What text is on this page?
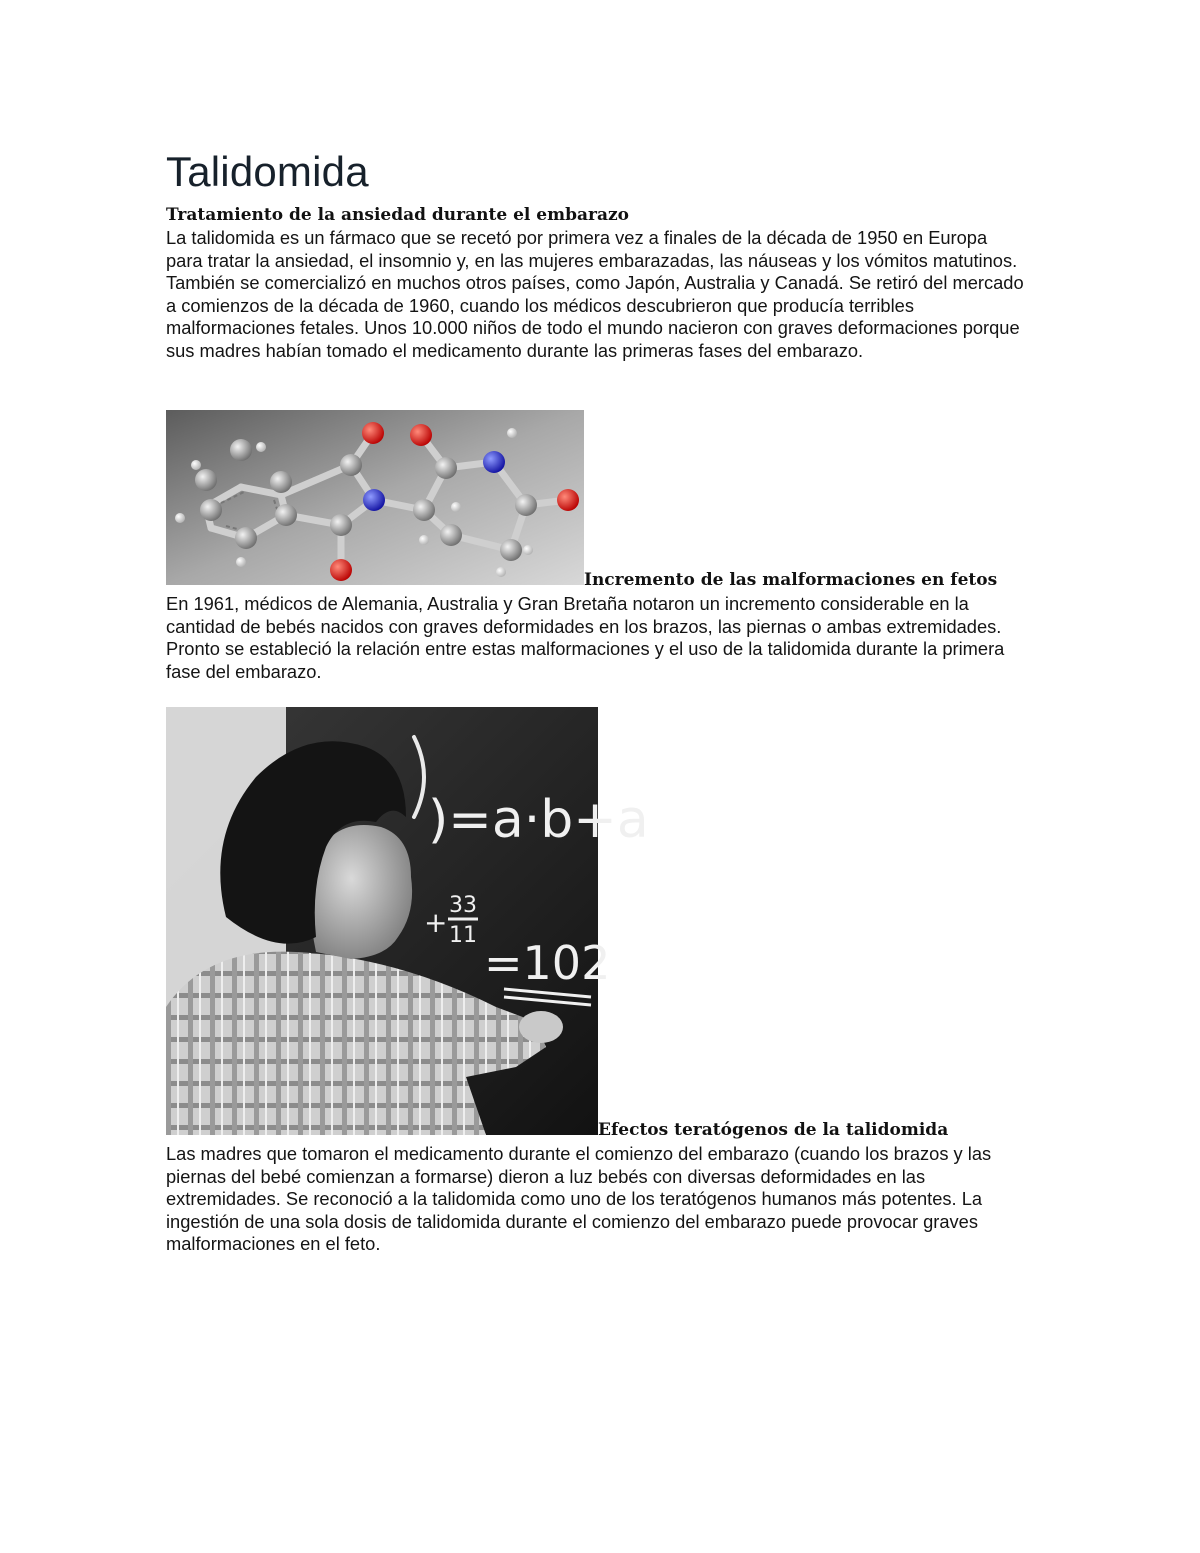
Talidomida
Tratamiento de la ansiedad durante el embarazo

La talidomida es un fármaco que se recetó por primera vez a finales de la década de 1950 en Europa para tratar la ansiedad, el insomnio y, en las mujeres embarazadas, las náuseas y los vómitos matutinos. También se comercializó en muchos otros países, como Japón, Australia y Canadá. Se retiró del mercado a comienzos de la década de 1960, cuando los médicos descubrieron que producía terribles malformaciones fetales. Unos 10.000 niños de todo el mundo nacieron con graves deformaciones porque sus madres habían tomado el medicamento durante las primeras fases del embarazo.

Incremento de las malformaciones en fetos

En 1961, médicos de Alemania, Australia y Gran Bretaña notaron un incremento considerable en la cantidad de bebés nacidos con graves deformidades en los brazos, las piernas o ambas extremidades. Pronto se estableció la relación entre estas malformaciones y el uso de la talidomida durante la primera fase del embarazo.

)=a·b+a
+
33
11
=102
Efectos teratógenos de la talidomida

Las madres que tomaron el medicamento durante el comienzo del embarazo (cuando los brazos y las piernas del bebé comienzan a formarse) dieron a luz bebés con diversas deformidades en las extremidades. Se reconoció a la talidomida como uno de los teratógenos humanos más potentes. La ingestión de una sola dosis de talidomida durante el comienzo del embarazo puede provocar graves malformaciones en el feto.
